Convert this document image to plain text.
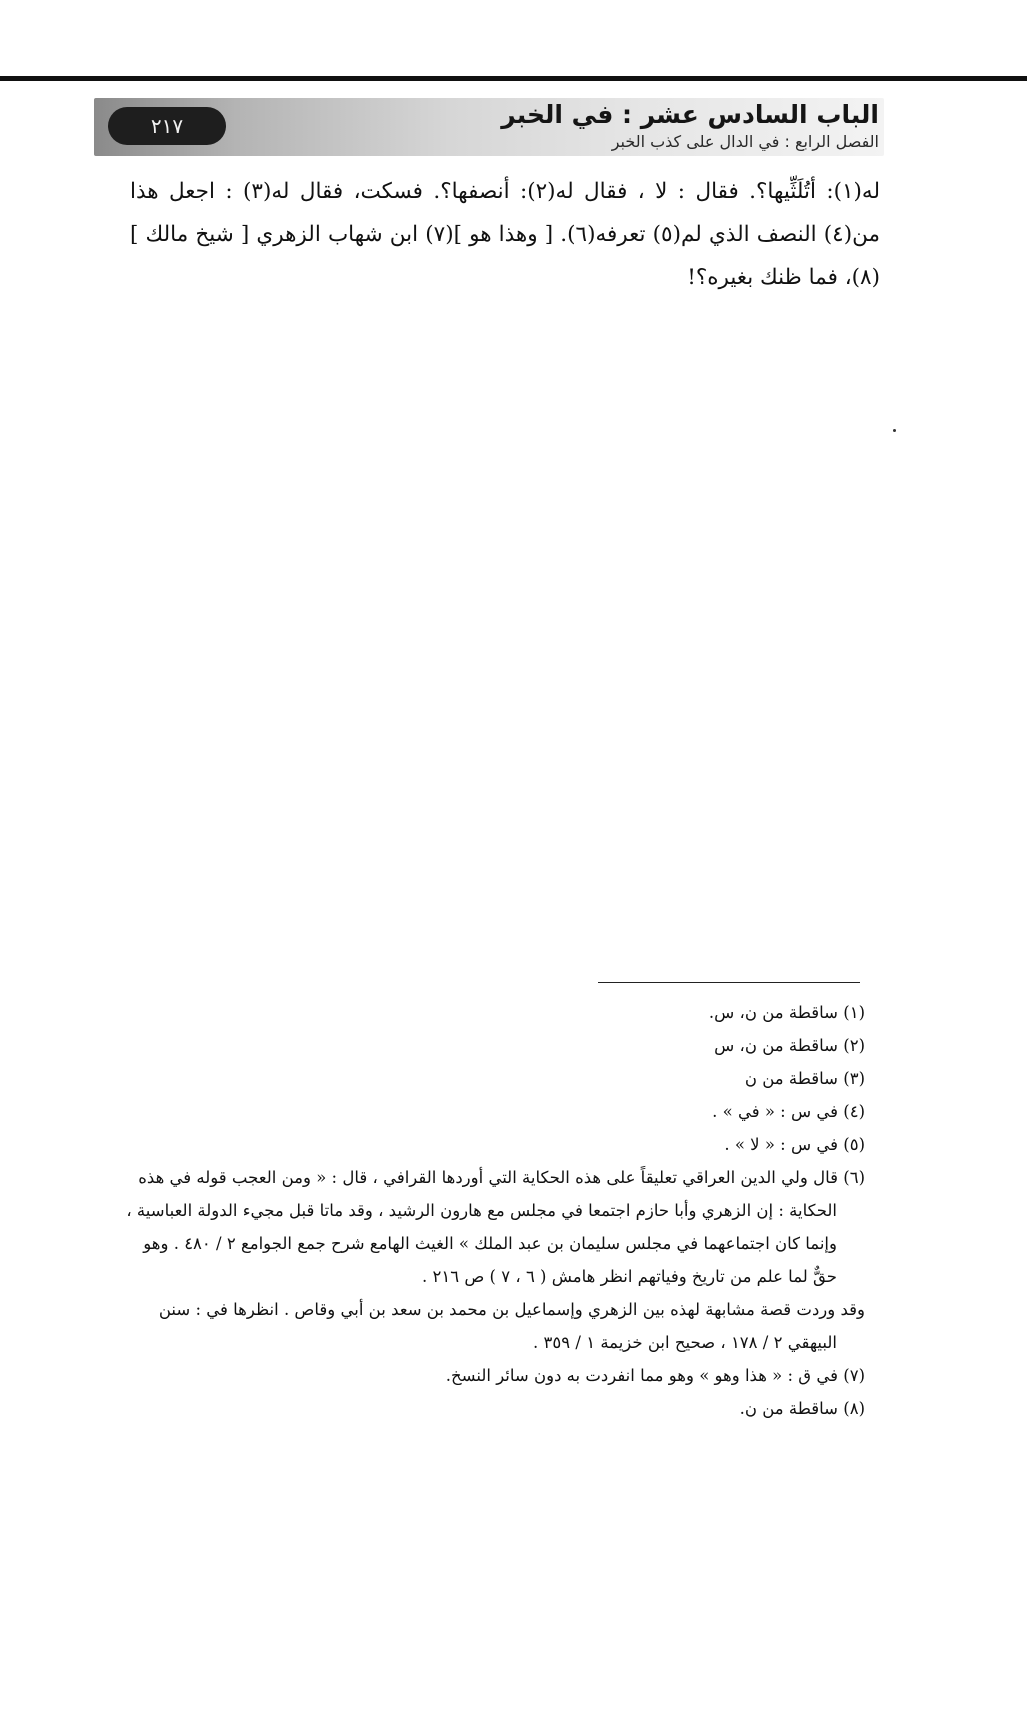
٢١٧	الباب السادس عشر : في الخبر
الفصل الرابع : في الدال على كذب الخبر

له(١): أتُلَثِّيها؟. فقال : لا ، فقال له(٢): أنصفها؟. فسكت، فقال له(٣) : اجعل هذا من(٤) النصف الذي لم(٥) تعرفه(٦). [ وهذا هو ](٧) ابن شهاب الزهري [ شيخ مالك ](٨)، فما ظنك بغيره؟!

(١) ساقطة من ن، س.

(٢) ساقطة من ن، س

(٣) ساقطة من ن

(٤) في س : « في » .

(٥) في س : « لا » .

(٦) قال ولي الدين العراقي تعليقاً على هذه الحكاية التي أوردها القرافي ، قال : « ومن العجب قوله في هذه

الحكاية : إن الزهري وأبا حازم اجتمعا في مجلس مع هارون الرشيد ، وقد ماتا قبل مجيء الدولة العباسية ،

وإنما كان اجتماعهما في مجلس سليمان بن عبد الملك » الغيث الهامع شرح جمع الجوامع ٢ / ٤٨٠ . وهو

حقٌّ لما علم من تاريخ وفياتهم انظر هامش ( ٦ ، ٧ ) ص ٢١٦ .

وقد وردت قصة مشابهة لهذه بين الزهري وإسماعيل بن محمد بن سعد بن أبي وقاص . انظرها في : سنن

البيهقي ٢ / ١٧٨ ، صحيح ابن خزيمة ١ / ٣٥٩ .

(٧) في ق : « هذا وهو » وهو مما انفردت به دون سائر النسخ.

(٨) ساقطة من ن.
